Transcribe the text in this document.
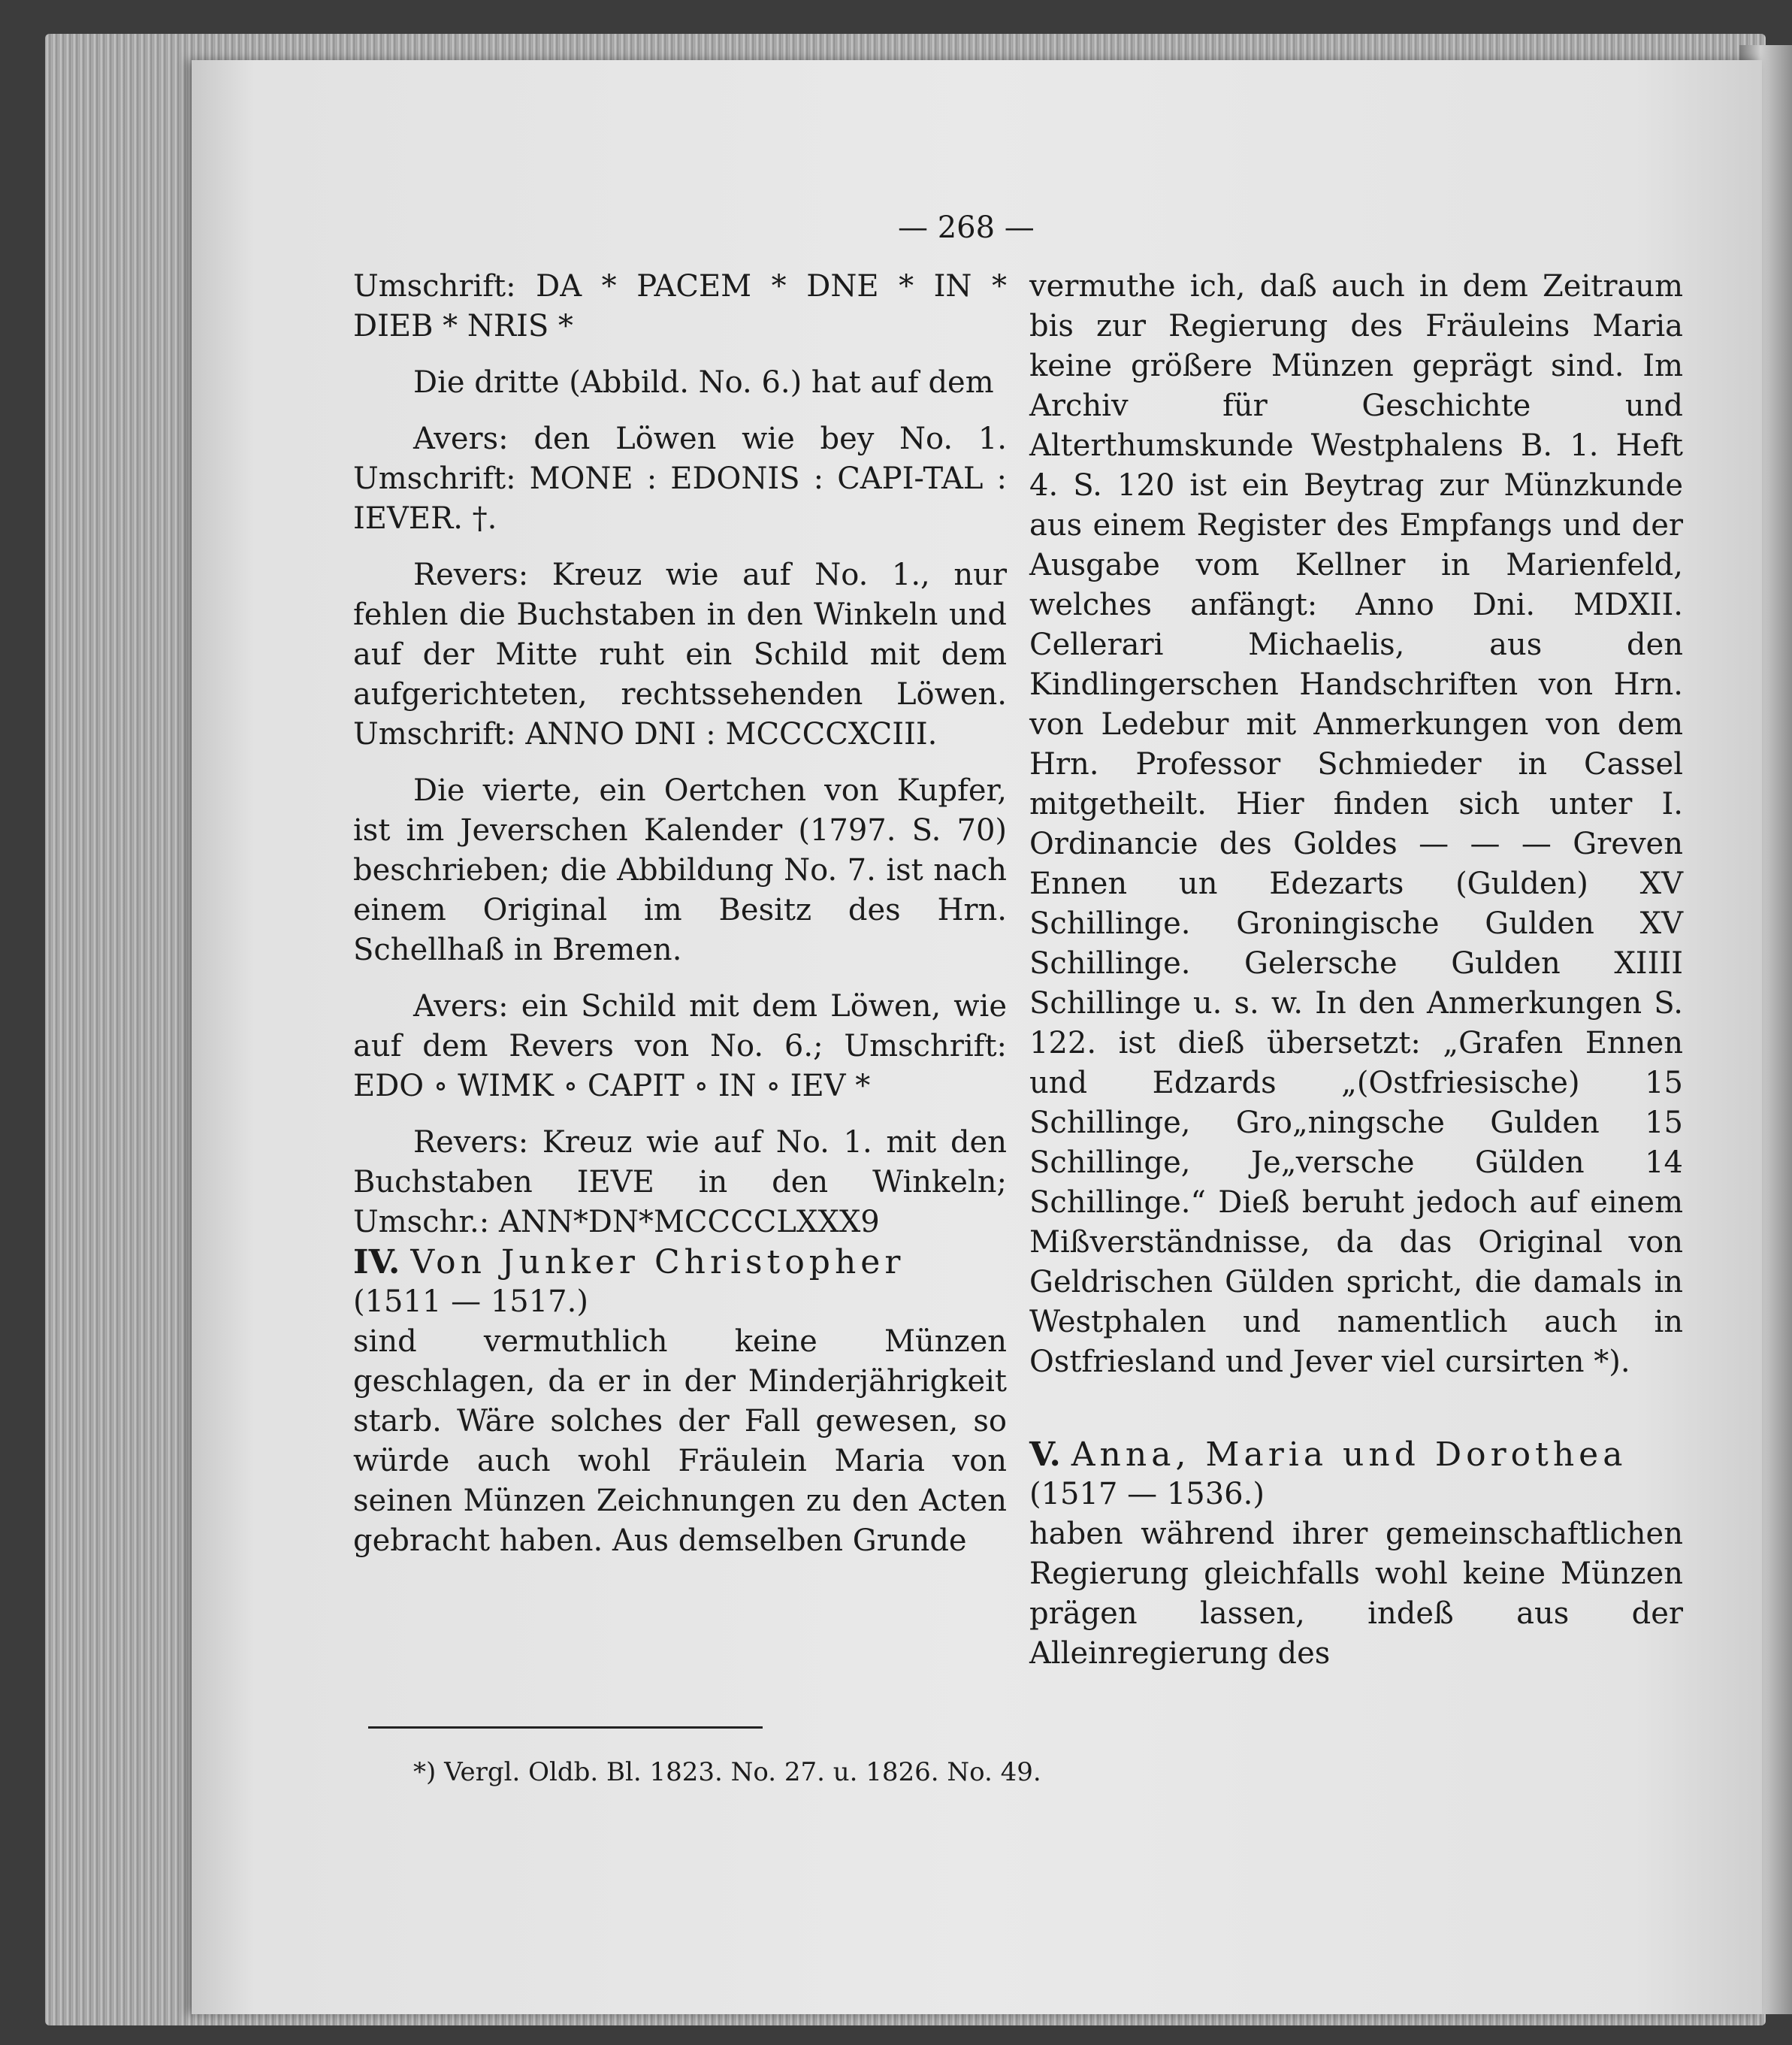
— 268 —

Umschrift: DA * PACEM * DNE * IN * DIEB * NRIS *

Die dritte (Abbild. No. 6.) hat auf dem

Avers: den Löwen wie bey No. 1. Umschrift: MONE : EDONIS : CAPI-TAL : IEVER. †.

Revers: Kreuz wie auf No. 1., nur fehlen die Buchstaben in den Winkeln und auf der Mitte ruht ein Schild mit dem aufgerichteten, rechtssehenden Löwen. Umschrift: ANNO DNI : MCCCCXCIII.

Die vierte, ein Oertchen von Kupfer, ist im Jeverschen Kalender (1797. S. 70) beschrieben; die Abbildung No. 7. ist nach einem Original im Besitz des Hrn. Schellhaß in Bremen.

Avers: ein Schild mit dem Löwen, wie auf dem Revers von No. 6.; Umschrift: EDO ∘ WIMK ∘ CAPIT ∘ IN ∘ IEV *

Revers: Kreuz wie auf No. 1. mit den Buchstaben IEVE in den Winkeln; Umschr.: ANN*DN*MCCCCLXXX9

IV. Von Junker Christopher

(1511 — 1517.)

sind vermuthlich keine Münzen geschlagen, da er in der Minderjährigkeit starb. Wäre solches der Fall gewesen, so würde auch wohl Fräulein Maria von seinen Münzen Zeichnungen zu den Acten gebracht haben. Aus demselben Grunde

vermuthe ich, daß auch in dem Zeitraum bis zur Regierung des Fräuleins Maria keine größere Münzen geprägt sind. Im Archiv für Geschichte und Alterthumskunde Westphalens B. 1. Heft 4. S. 120 ist ein Beytrag zur Münzkunde aus einem Register des Empfangs und der Ausgabe vom Kellner in Marienfeld, welches anfängt: Anno Dni. MDXII. Cellerari Michaelis, aus den Kindlingerschen Handschriften von Hrn. von Ledebur mit Anmerkungen von dem Hrn. Professor Schmieder in Cassel mitgetheilt. Hier finden sich unter I. Ordinancie des Goldes — — — Greven Ennen un Edezarts (Gulden) XV Schillinge. Groningische Gulden XV Schillinge. Gelersche Gulden XIIII Schillinge u. s. w. In den Anmerkungen S. 122. ist dieß übersetzt: „Grafen Ennen und Edzards „(Ostfriesische) 15 Schillinge, Gro„ningsche Gulden 15 Schillinge, Je„versche Gülden 14 Schillinge.“ Dieß beruht jedoch auf einem Mißverständnisse, da das Original von Geldrischen Gülden spricht, die damals in Westphalen und namentlich auch in Ostfriesland und Jever viel cursirten *).

V. Anna, Maria und Dorothea

(1517 — 1536.)

haben während ihrer gemeinschaftlichen Regierung gleichfalls wohl keine Münzen prägen lassen, indeß aus der Alleinregierung des

*) Vergl. Oldb. Bl. 1823. No. 27. u. 1826. No. 49.
